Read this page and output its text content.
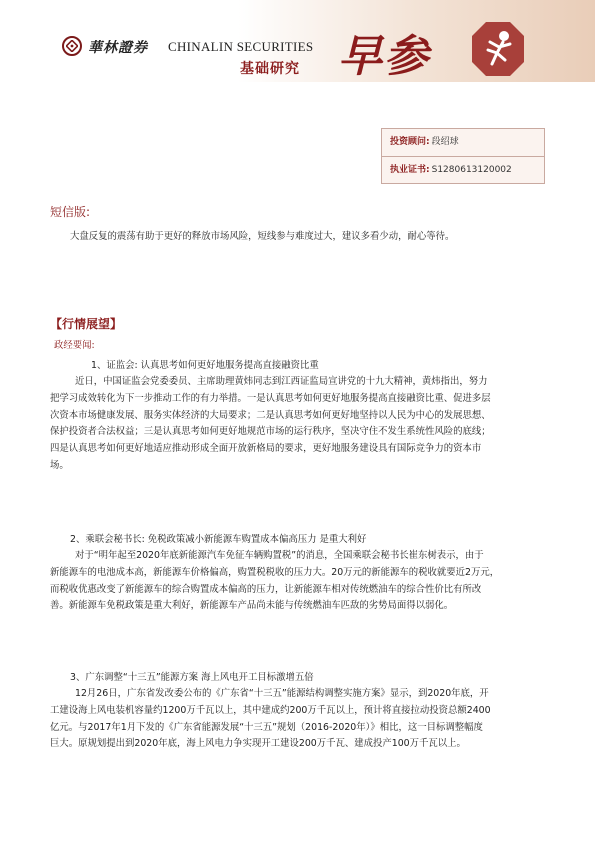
華林證券 CHINALIN SECURITIES
基础研究 早参
投资顾问: 段绍球
执业证书: S1280613120002
短信版:
大盘反复的震荡有助于更好的释放市场风险，短线参与难度过大，建议多看少动，耐心等待。
【行情展望】
政经要闻:
1、证监会: 认真思考如何更好地服务提高直接融资比重
近日，中国证监会党委委员、主席助理黄炜同志到江西证监局宣讲党的十九大精神，黄炜指出，努力
把学习成效转化为下一步推动工作的有力举措。一是认真思考如何更好地服务提高直接融资比重、促进多层
次资本市场健康发展、服务实体经济的大局要求；二是认真思考如何更好地坚持以人民为中心的发展思想、
保护投资者合法权益；三是认真思考如何更好地规范市场的运行秩序，坚决守住不发生系统性风险的底线；
四是认真思考如何更好地适应推动形成全面开放新格局的要求，更好地服务建设具有国际竞争力的资本市
场。
2、乘联会秘书长: 免税政策减小新能源车购置成本偏高压力 是重大利好
对于“明年起至2020年底新能源汽车免征车辆购置税”的消息，全国乘联会秘书长崔东树表示，由于
新能源车的电池成本高，新能源车价格偏高，购置税税收的压力大。20万元的新能源车的税收就要近2万元，
而税收优惠改变了新能源车的综合购置成本偏高的压力，让新能源车相对传统燃油车的综合性价比有所改
善。新能源车免税政策是重大利好，新能源车产品尚未能与传统燃油车匹敌的劣势局面得以弱化。
3、广东调整“十三五”能源方案 海上风电开工目标激增五倍
12月26日，广东省发改委公布的《广东省“十三五”能源结构调整实施方案》显示，到2020年底，开
工建设海上风电装机容量约1200万千瓦以上，其中建成约200万千瓦以上，预计将直接拉动投资总额2400
亿元。与2017年1月下发的《广东省能源发展“十三五”规划（2016-2020年）》相比，这一目标调整幅度
巨大。原规划提出到2020年底，海上风电力争实现开工建设200万千瓦、建成投产100万千瓦以上。
